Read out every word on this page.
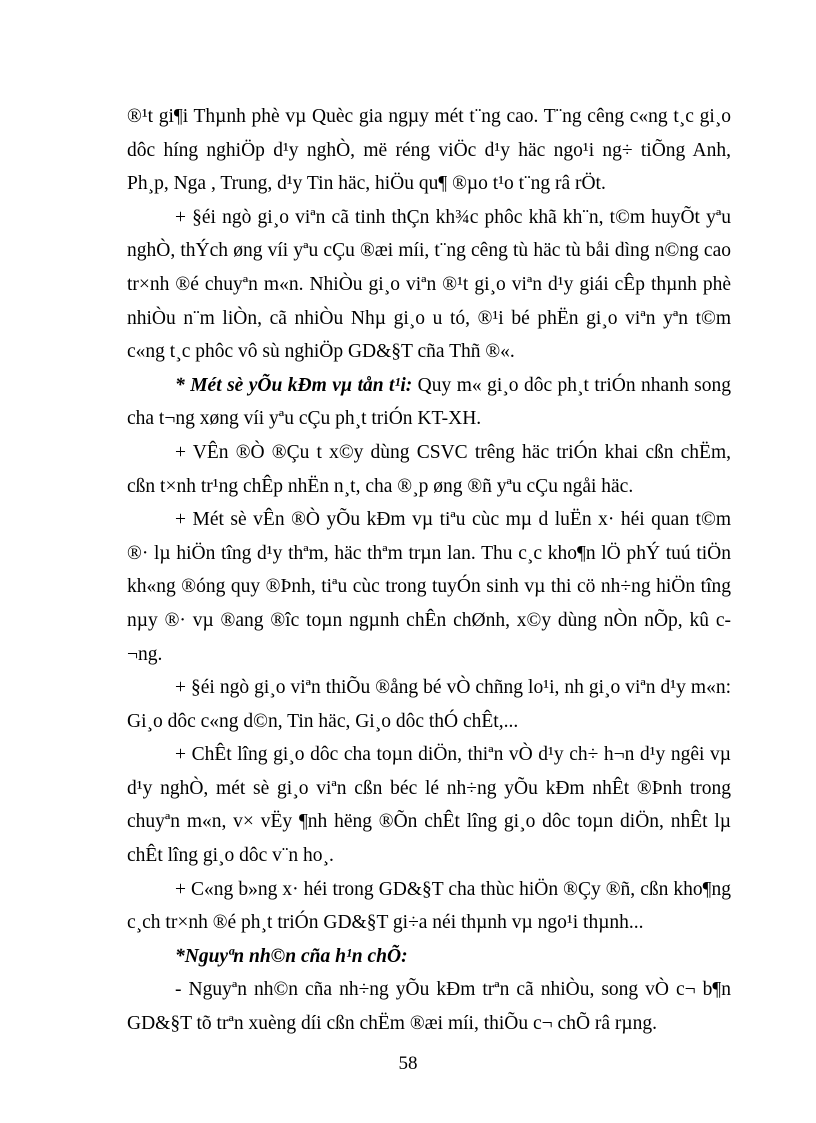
®¹t gi¶i Thµnh phè vµ Quèc gia ngµy mét t¨ng cao. T¨ng cêng c«ng t¸c gi¸o dôc híng nghiÖp d¹y nghÒ, më réng viÖc d¹y häc ngo¹i ng÷ tiÕng Anh, Ph¸p, Nga , Trung, d¹y Tin häc, hiÖu qu¶ ®µo t¹o t¨ng râ rÖt.

+ §éi ngò gi¸o viªn cã tinh thÇn kh¾c phôc khã kh¨n, t©m huyÕt yªu nghÒ, thÝch øng víi yªu cÇu ®æi míi, t¨ng cêng tù häc tù båi dìng n©ng cao tr×nh ®é chuyªn m«n. NhiÒu gi¸o viªn ®¹t gi¸o viªn d¹y giái cÊp thµnh phè nhiÒu n¨m liÒn, cã nhiÒu Nhµ gi¸o u tó, ®¹i bé phËn gi¸o viªn yªn t©m c«ng t¸c phôc vô sù nghiÖp GD&§T cña Thñ ®«.

* Mét sè yÕu kÐm vµ tån t¹i: Quy m« gi¸o dôc ph¸t triÓn nhanh song cha t¬ng xøng víi yªu cÇu ph¸t triÓn KT-XH.

+ VÊn ®Ò ®Çu t x©y dùng CSVC trêng häc triÓn khai cßn chËm, cßn t×nh tr¹ng chÊp nhËn n¸t, cha ®¸p øng ®ñ yªu cÇu ngåi häc.

+ Mét sè vÊn ®Ò yÕu kÐm vµ tiªu cùc mµ d luËn x· héi quan t©m ®· lµ hiÖn tîng d¹y thªm, häc thªm trµn lan. Thu c¸c kho¶n lÖ phÝ tuú tiÖn kh«ng ®óng quy ®Þnh, tiªu cùc trong tuyÓn sinh vµ thi cö nh÷ng hiÖn tîng nµy ®· vµ ®ang ®îc toµn ngµnh chÊn chØnh, x©y dùng nÒn nÕp, kû c¬ng.

+ §éi ngò gi¸o viªn thiÕu ®ång bé vÒ chñng lo¹i, nh gi¸o viªn d¹y m«n: Gi¸o dôc c«ng d©n, Tin häc, Gi¸o dôc thÓ chÊt,...

+ ChÊt lîng gi¸o dôc cha toµn diÖn, thiªn vÒ d¹y ch÷ h¬n d¹y ngêi vµ d¹y nghÒ, mét sè gi¸o viªn cßn béc lé nh÷ng yÕu kÐm nhÊt ®Þnh trong chuyªn m«n, v× vËy ¶nh hëng ®Õn chÊt lîng gi¸o dôc toµn diÖn, nhÊt lµ chÊt lîng gi¸o dôc v¨n ho¸.

+ C«ng b»ng x· héi trong GD&§T cha thùc hiÖn ®Çy ®ñ, cßn kho¶ng c¸ch tr×nh ®é ph¸t triÓn GD&§T gi÷a néi thµnh vµ ngo¹i thµnh...

*Nguyªn nh©n cña h¹n chÕ:

- Nguyªn nh©n cña nh÷ng yÕu kÐm trªn cã nhiÒu, song vÒ c¬ b¶n GD&§T tõ trªn xuèng díi cßn chËm ®æi míi, thiÕu c¬ chÕ râ rµng.

58
